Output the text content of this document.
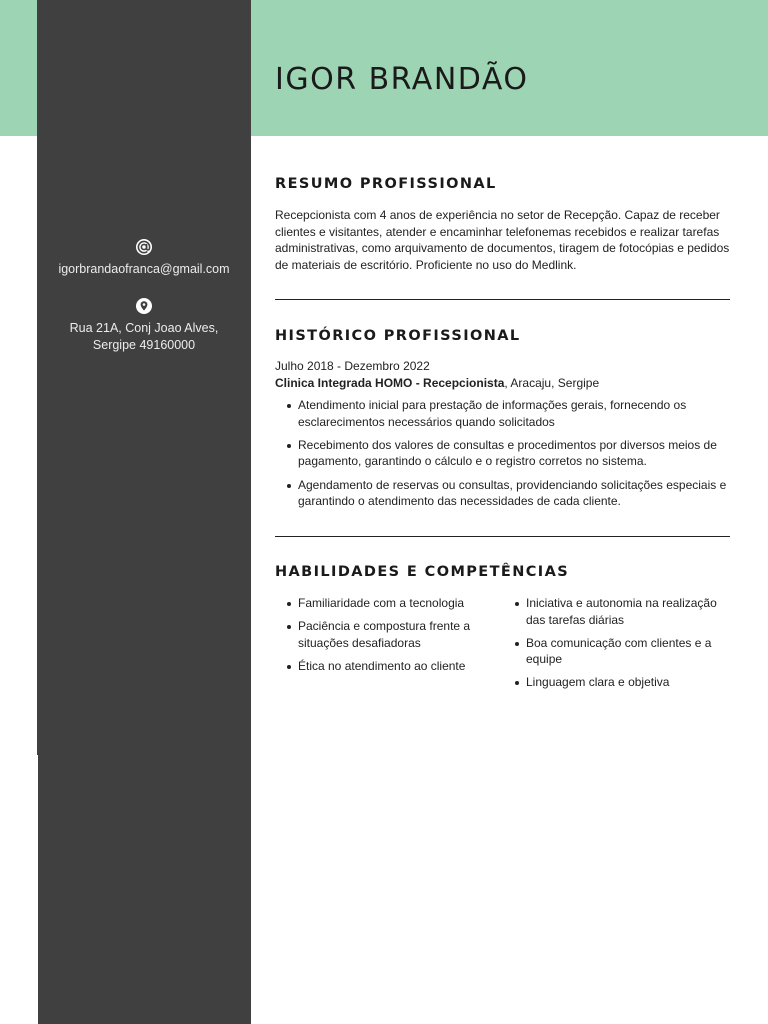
igorbrandaofranca@gmail.com
Rua 21A, Conj Joao Alves,
Sergipe 49160000
IGOR BRANDÃO
RESUMO PROFISSIONAL
Recepcionista com 4 anos de experiência no setor de Recepção. Capaz de receber clientes e visitantes, atender e encaminhar telefonemas recebidos e realizar tarefas administrativas, como arquivamento de documentos, tiragem de fotocópias e pedidos de materiais de escritório. Proficiente no uso do Medlink.
HISTÓRICO PROFISSIONAL
Julho 2018 - Dezembro 2022
Clinica Integrada HOMO - Recepcionista, Aracaju, Sergipe
Atendimento inicial para prestação de informações gerais, fornecendo os esclarecimentos necessários quando solicitados
Recebimento dos valores de consultas e procedimentos por diversos meios de pagamento, garantindo o cálculo e o registro corretos no sistema.
Agendamento de reservas ou consultas, providenciando solicitações especiais e garantindo o atendimento das necessidades de cada cliente.
HABILIDADES E COMPETÊNCIAS
Familiaridade com a tecnologia
Paciência e compostura frente a situações desafiadoras
Ética no atendimento ao cliente
Iniciativa e autonomia na realização das tarefas diárias
Boa comunicação com clientes e a equipe
Linguagem clara e objetiva
